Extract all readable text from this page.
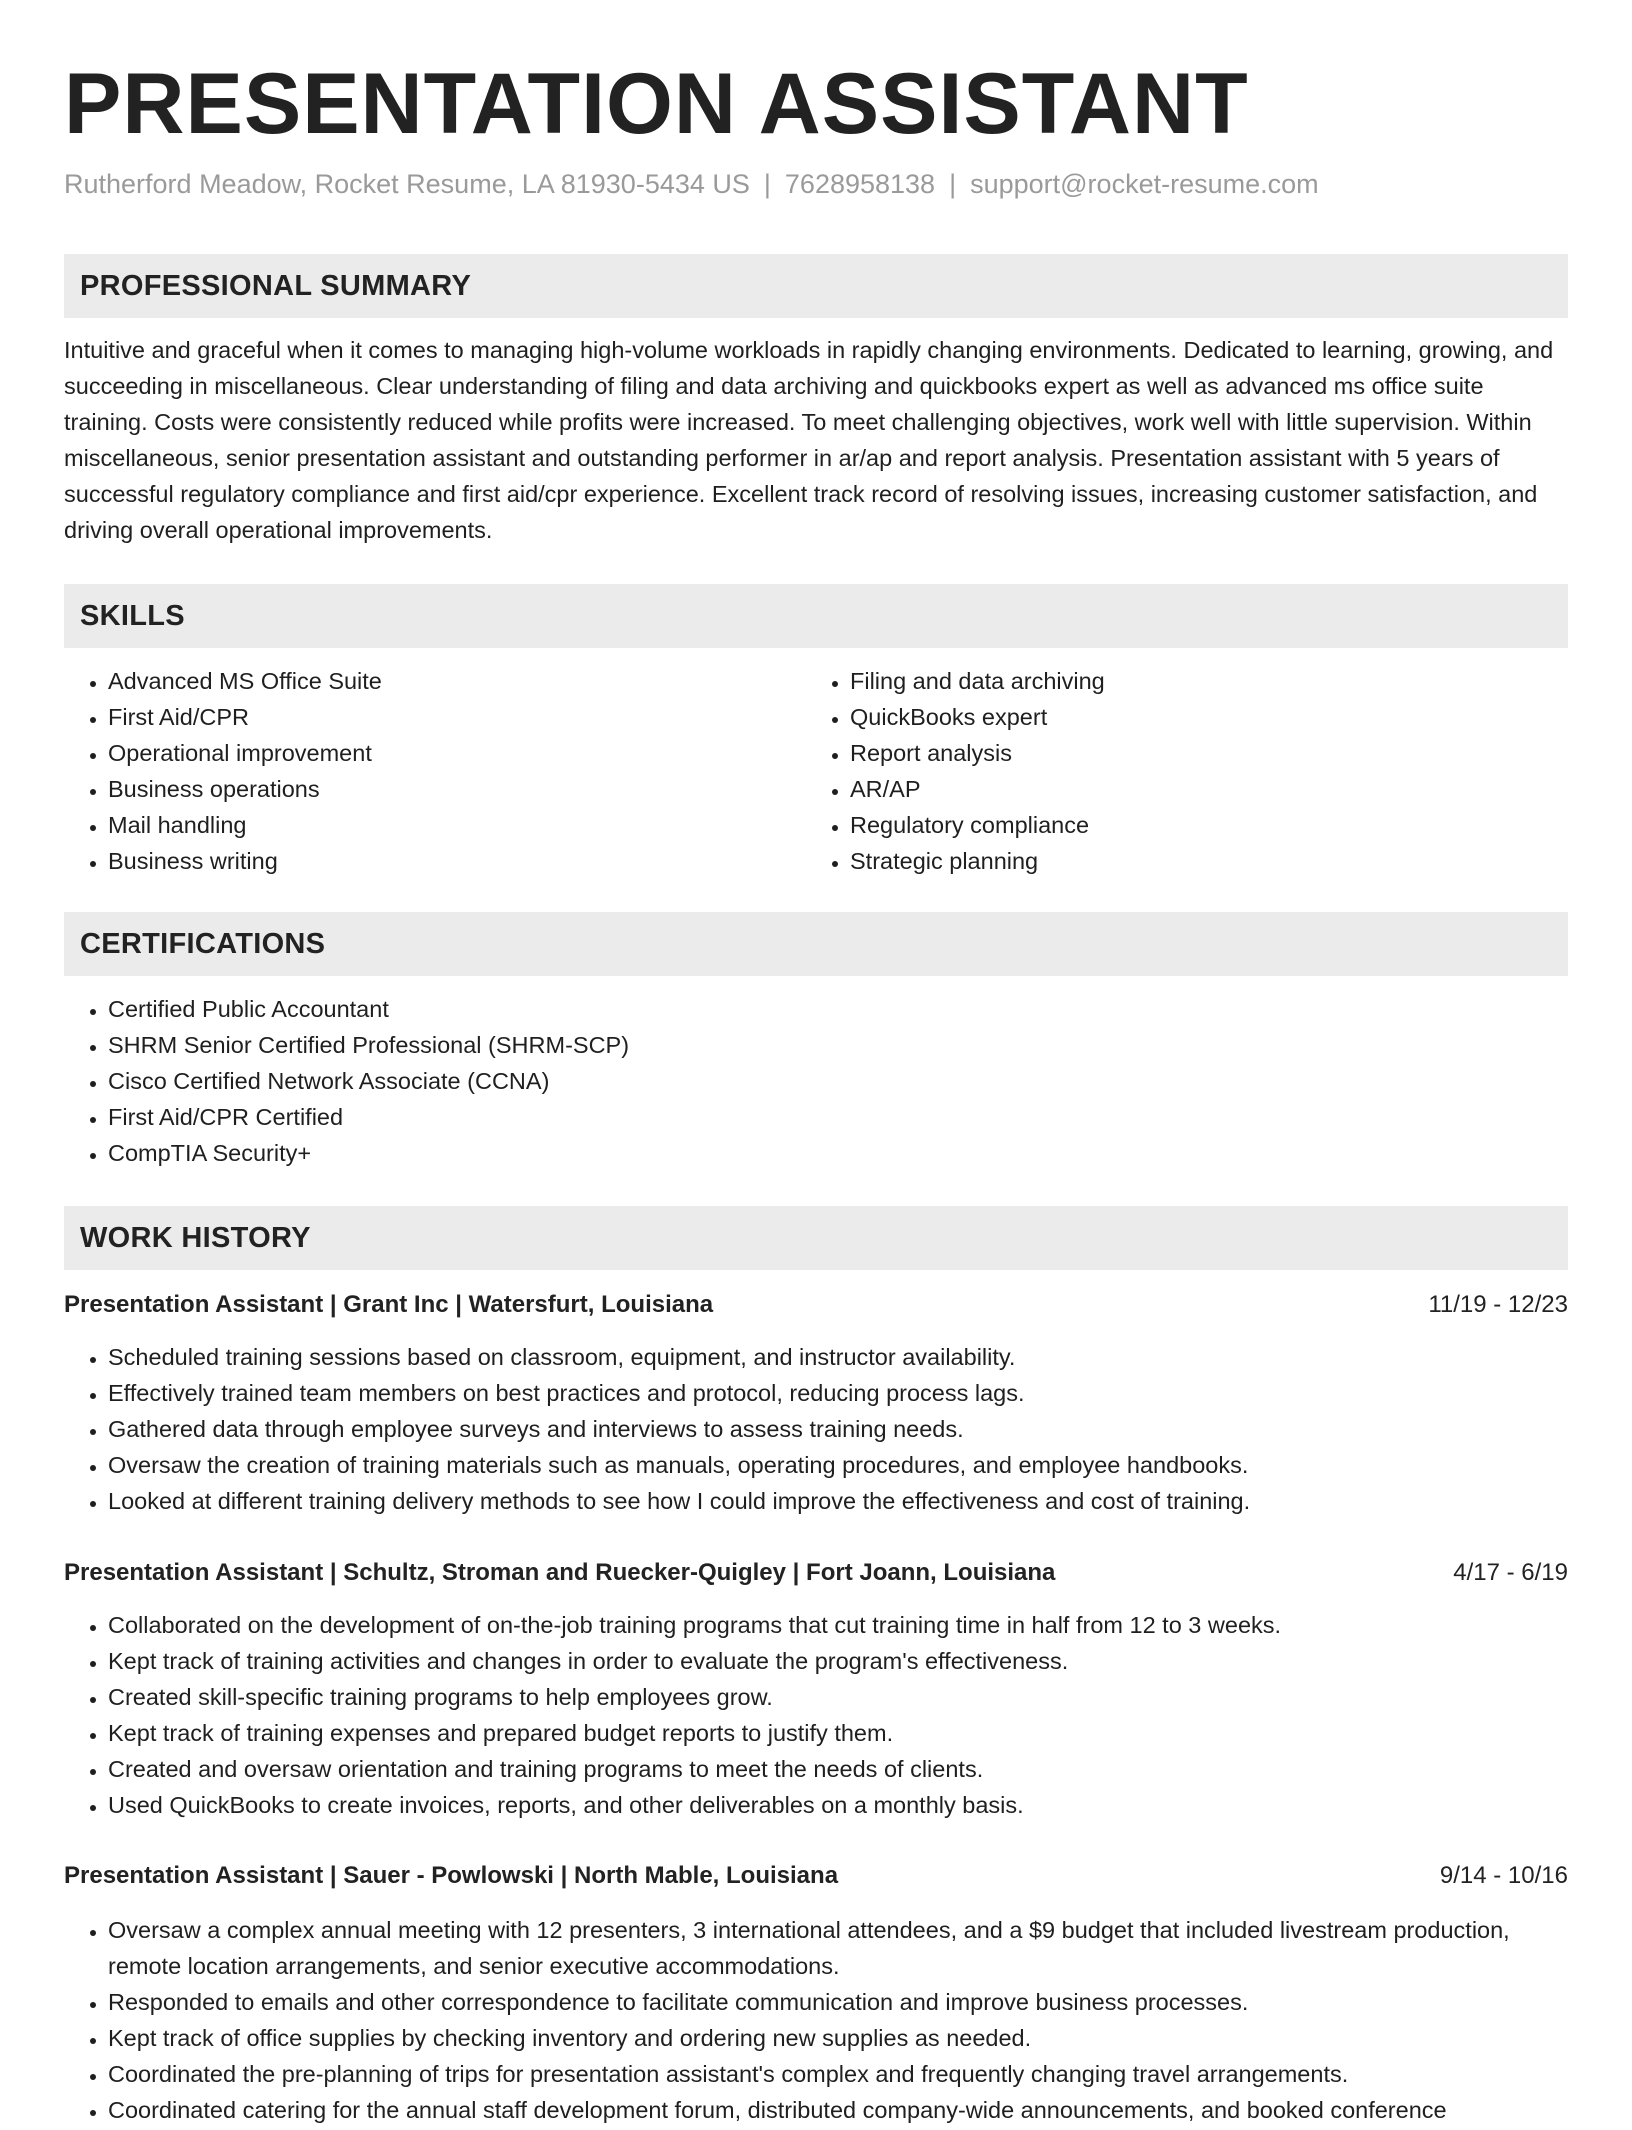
PRESENTATION ASSISTANT

Rutherford Meadow, Rocket Resume, LA 81930-5434 US | 7628958138 | support@rocket-resume.com

PROFESSIONAL SUMMARY

Intuitive and graceful when it comes to managing high-volume workloads in rapidly changing environments. Dedicated to learning, growing, and succeeding in miscellaneous. Clear understanding of filing and data archiving and quickbooks expert as well as advanced ms office suite training. Costs were consistently reduced while profits were increased. To meet challenging objectives, work well with little supervision. Within miscellaneous, senior presentation assistant and outstanding performer in ar/ap and report analysis. Presentation assistant with 5 years of successful regulatory compliance and first aid/cpr experience. Excellent track record of resolving issues, increasing customer satisfaction, and driving overall operational improvements.

SKILLS
• Advanced MS Office Suite
• First Aid/CPR
• Operational improvement
• Business operations
• Mail handling
• Business writing
• Filing and data archiving
• QuickBooks expert
• Report analysis
• AR/AP
• Regulatory compliance
• Strategic planning
CERTIFICATIONS
• Certified Public Accountant
• SHRM Senior Certified Professional (SHRM-SCP)
• Cisco Certified Network Associate (CCNA)
• First Aid/CPR Certified
• CompTIA Security+
WORK HISTORY

Presentation Assistant | Grant Inc | Watersfurt, Louisiana	11/19 - 12/23

• Scheduled training sessions based on classroom, equipment, and instructor availability.
• Effectively trained team members on best practices and protocol, reducing process lags.
• Gathered data through employee surveys and interviews to assess training needs.
• Oversaw the creation of training materials such as manuals, operating procedures, and employee handbooks.
• Looked at different training delivery methods to see how I could improve the effectiveness and cost of training.

Presentation Assistant | Schultz, Stroman and Ruecker-Quigley | Fort Joann, Louisiana	4/17 - 6/19

• Collaborated on the development of on-the-job training programs that cut training time in half from 12 to 3 weeks.
• Kept track of training activities and changes in order to evaluate the program's effectiveness.
• Created skill-specific training programs to help employees grow.
• Kept track of training expenses and prepared budget reports to justify them.
• Created and oversaw orientation and training programs to meet the needs of clients.
• Used QuickBooks to create invoices, reports, and other deliverables on a monthly basis.

Presentation Assistant | Sauer - Powlowski | North Mable, Louisiana	9/14 - 10/16

• Oversaw a complex annual meeting with 12 presenters, 3 international attendees, and a $9 budget that included livestream production, remote location arrangements, and senior executive accommodations.
• Responded to emails and other correspondence to facilitate communication and improve business processes.
• Kept track of office supplies by checking inventory and ordering new supplies as needed.
• Coordinated the pre-planning of trips for presentation assistant's complex and frequently changing travel arrangements.
• Coordinated catering for the annual staff development forum, distributed company-wide announcements, and booked conference
